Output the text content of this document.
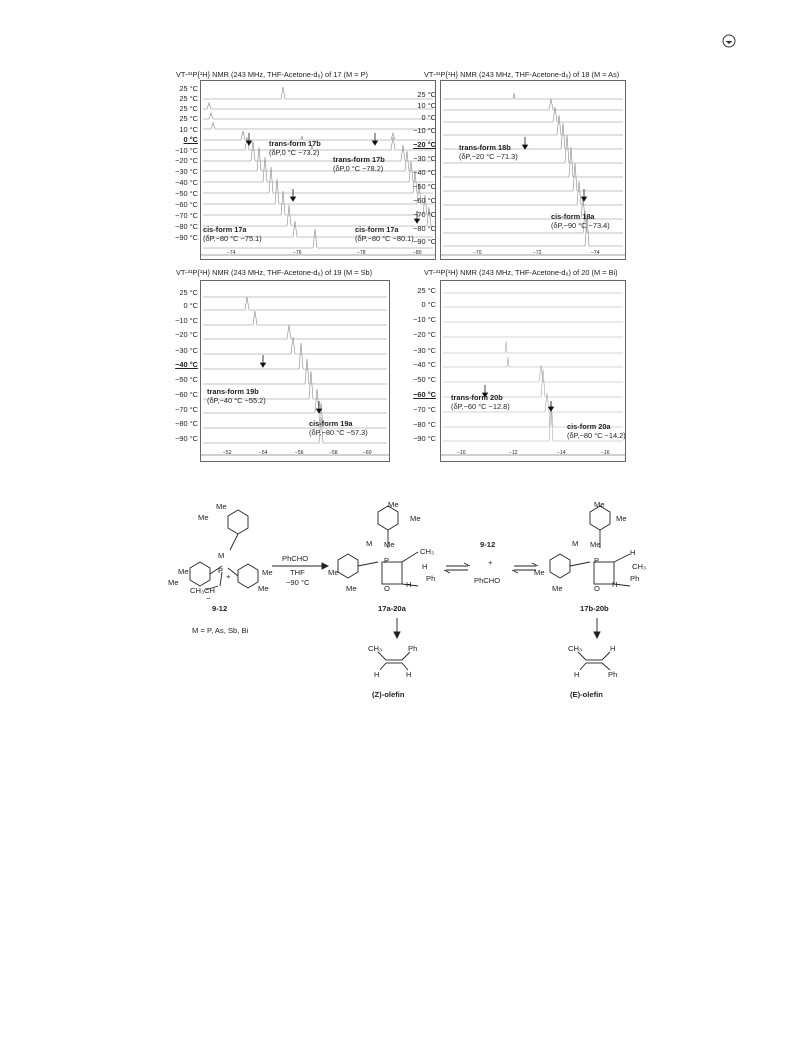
VT-³¹P{¹H} NMR (243 MHz, THF-Acetone-d₆) of 17 (M = P)
25 °C
25 °C
25 °C
25 °C
10 °C
0 °C
−10 °C
−20 °C
−30 °C
−40 °C
−50 °C
−60 °C
−70 °C
−80 °C
−90 °C
trans-form 17b
(δP,0 °C −73.2)
trans-form 17b
(δP,0 °C −78.2)
cis-form 17a
(δP,−80 °C −75.1)
cis-form 17a
(δP,−80 °C −80.1)
−74	−76	−78	−80
VT-³¹P{¹H} NMR (243 MHz, THF-Acetone-d₆) of 18 (M = As)
25 °C
10 °C
0 °C
−10 °C
−20 °C
−30 °C
−40 °C
−50 °C
−60 °C
−70 °C
−80 °C
−90 °C
trans-form 18b
(δP,−20 °C −71.3)
cis-form 18a
(δP,−90 °C −73.4)
−70	−72	−74
VT-³¹P{¹H} NMR (243 MHz, THF-Acetone-d₆) of 19 (M = Sb)
25 °C
0 °C
−10 °C
−20 °C
−30 °C
−40 °C
−50 °C
−60 °C
−70 °C
−80 °C
−90 °C
trans-form 19b
(δP,−40 °C −55.2)
cis-form 19a
(δP,−80 °C −57.3)
−52	−54	−56	−58	−60
VT-³¹P{¹H} NMR (243 MHz, THF-Acetone-d₆) of 20 (M = Bi)
25 °C
0 °C
−10 °C
−20 °C
−30 °C
−40 °C
−50 °C
−60 °C
−70 °C
−80 °C
−90 °C
trans-form 20b
(δP,−60 °C −12.8)
cis-form 20a
(δP,−80 °C −14.2)
−10	−12	−14	−16
Me
Me
M
P
+
Me
Me
Me
Me
CH₃CH
−
9-12
M = P, As, Sb, Bi
PhCHO
THF
−90 °C
Me
Me
M Me
P
CH₃
H
Ph
H
O
Me
Me
17a-20a
9-12
+
PhCHO
Me
Me
M Me
P
H
CH₃
Ph
H
O
Me
Me
17b-20b
CH₃	Ph
H	H
(Z)-olefin
CH₃	H
H	Ph
(E)-olefin
